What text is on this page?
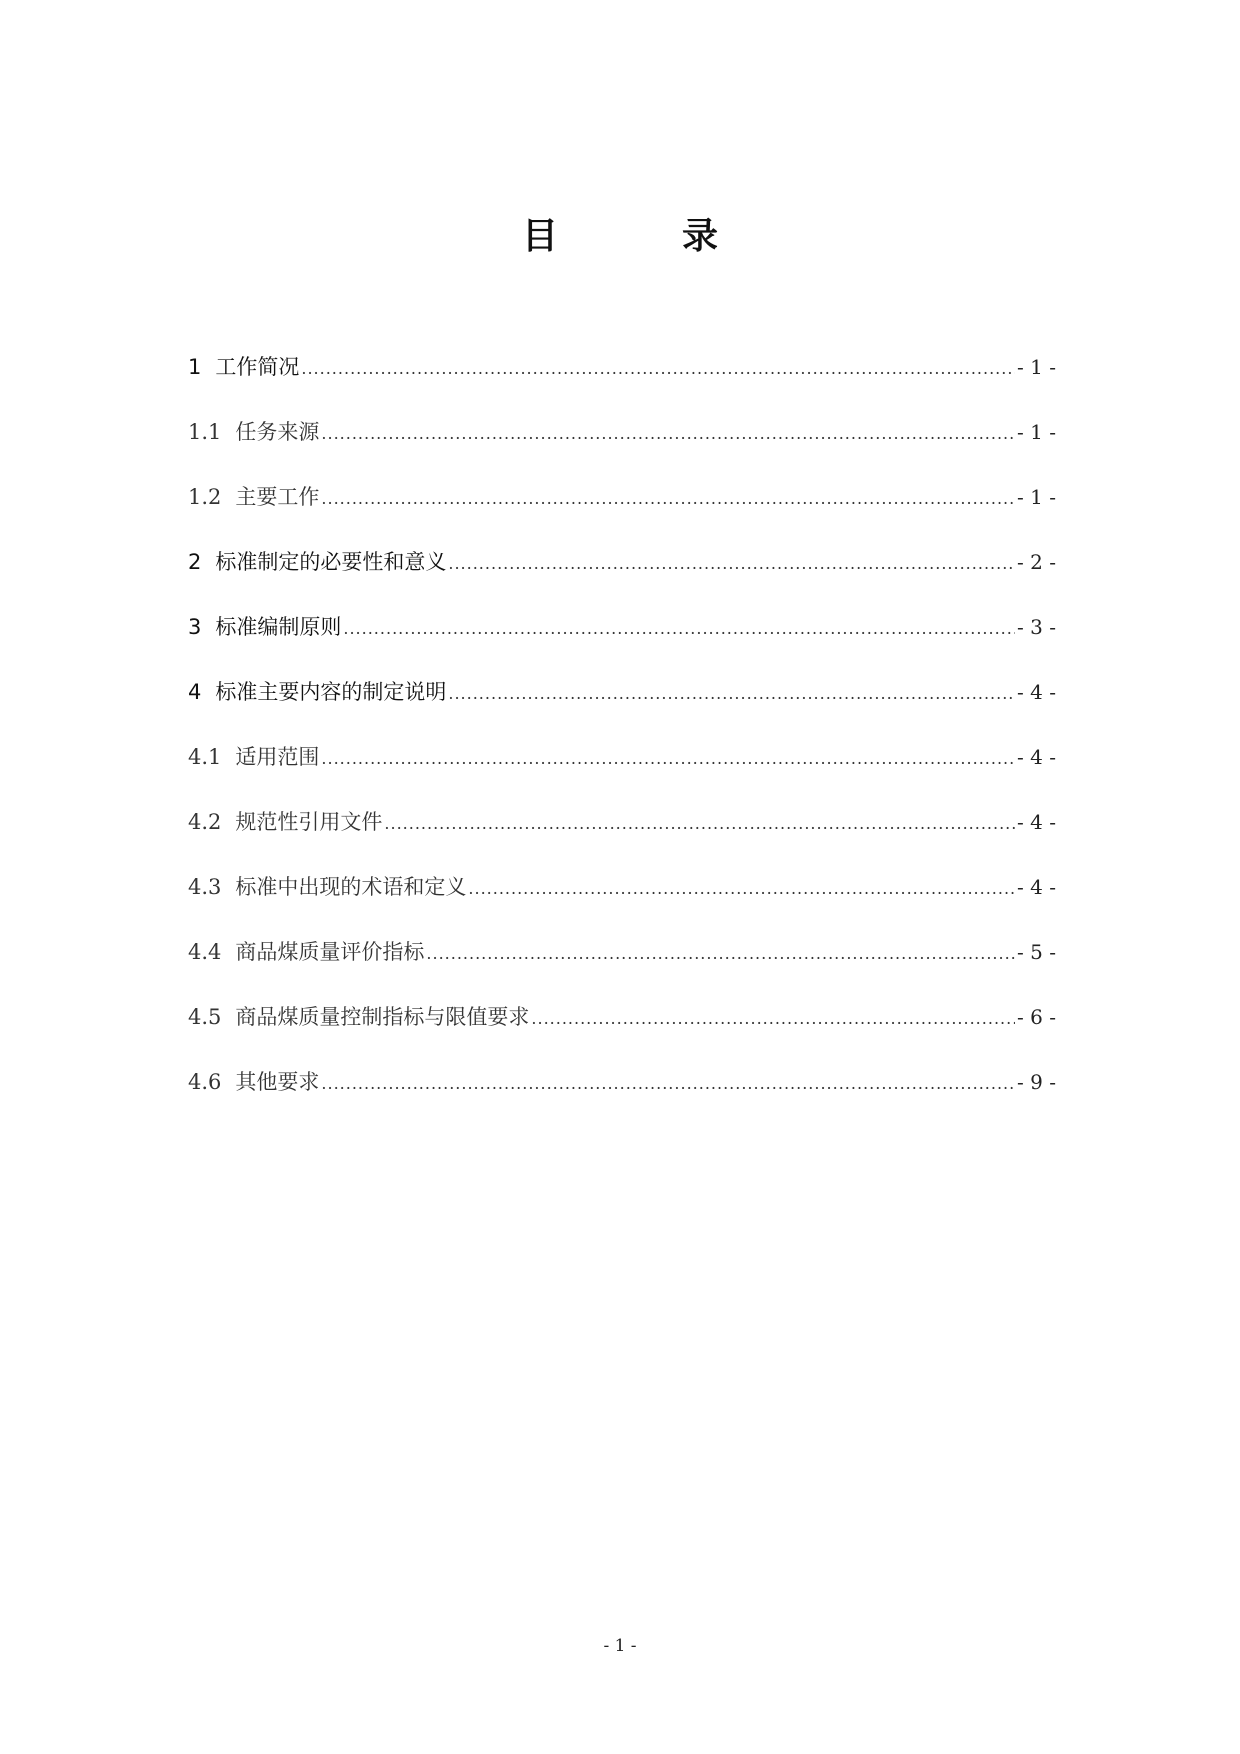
目　录
1 工作简况 .....	- 1 -
1.1 任务来源 .....	- 1 -
1.2 主要工作 .....	- 1 -
2 标准制定的必要性和意义 .....	- 2 -
3 标准编制原则 .....	- 3 -
4 标准主要内容的制定说明 .....	- 4 -
4.1 适用范围 .....	- 4 -
4.2 规范性引用文件 .....	- 4 -
4.3 标准中出现的术语和定义 .....	- 4 -
4.4 商品煤质量评价指标 .....	- 5 -
4.5 商品煤质量控制指标与限值要求 .....	- 6 -
4.6 其他要求 .....	- 9 -
- 1 -
